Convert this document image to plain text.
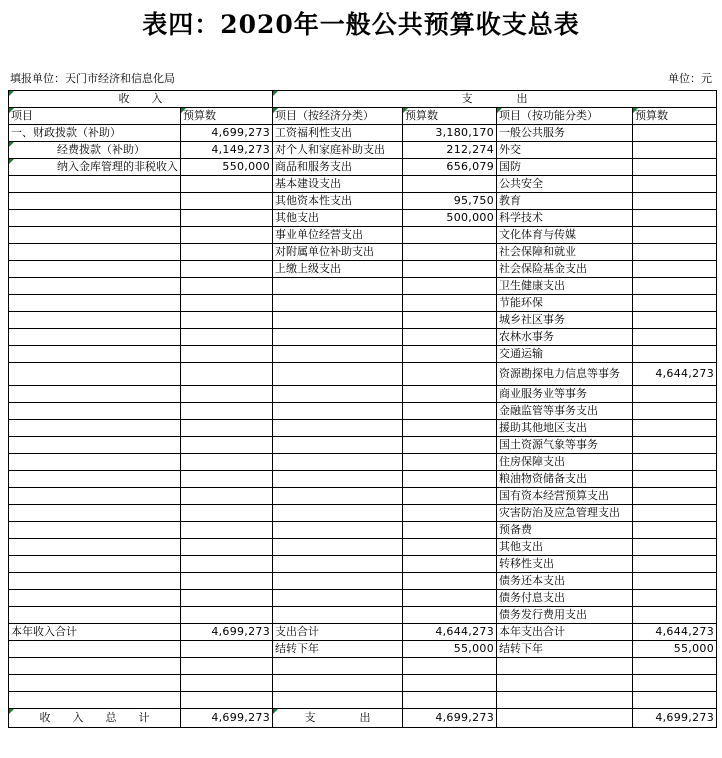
表四：2020年一般公共预算收支总表
填报单位：天门市经济和信息化局	单位：元
收　　入		支　　　　出			
项目	预算数	项目（按经济分类）	预算数	项目（按功能分类）	预算数
一、财政拨款（补助）	4,699,273	工资福利性支出	3,180,170	一般公共服务	
经费拨款（补助）	4,149,273	对个人和家庭补助支出	212,274	外交	
纳入金库管理的非税收入	550,000	商品和服务支出	656,079	国防	
		基本建设支出		公共安全	
		其他资本性支出	95,750	教育	
		其他支出	500,000	科学技术	
		事业单位经营支出		文化体育与传媒	
		对附属单位补助支出		社会保障和就业	
		上缴上级支出		社会保险基金支出	
				卫生健康支出	
				节能环保	
				城乡社区事务	
				农林水事务	
				交通运输	
				资源勘探电力信息等事务	4,644,273
				商业服务业等事务	
				金融监管等事务支出	
				援助其他地区支出	
				国土资源气象等事务	
				住房保障支出	
				粮油物资储备支出	
				国有资本经营预算支出	
				灾害防治及应急管理支出	
				预备费	
				其他支出	
				转移性支出	
				债务还本支出	
				债务付息支出	
				债务发行费用支出	
本年收入合计	4,699,273	支出合计	4,644,273	本年支出合计	4,644,273
		结转下年	55,000	结转下年	55,000

收　　入　　总　　计	4,699,273	支　　　　出	4,699,273		4,699,273
